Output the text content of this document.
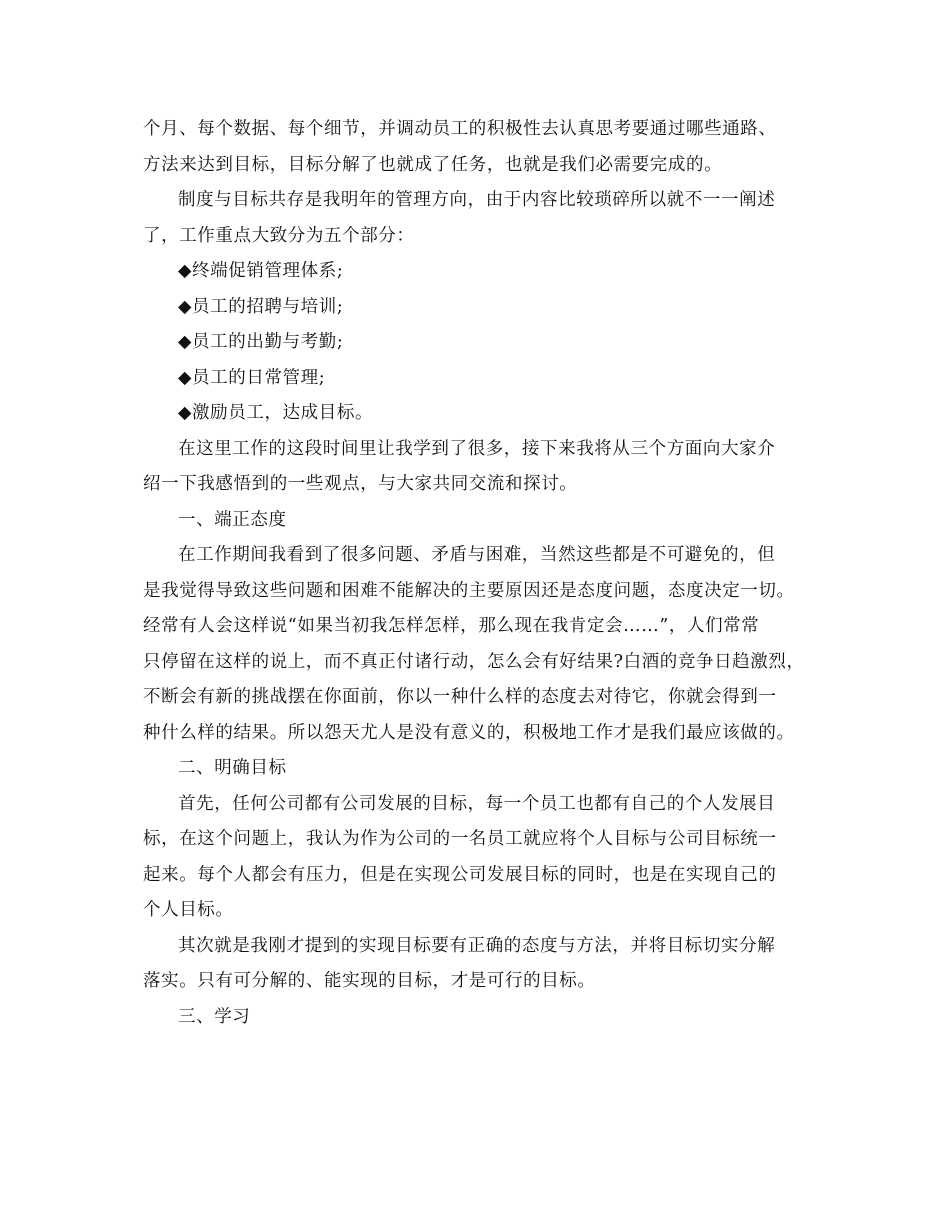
个月、每个数据、每个细节，并调动员工的积极性去认真思考要通过哪些通路、
方法来达到目标，目标分解了也就成了任务，也就是我们必需要完成的。
制度与目标共存是我明年的管理方向，由于内容比较琐碎所以就不一一阐述
了，工作重点大致分为五个部分：
◆终端促销管理体系;
◆员工的招聘与培训;
◆员工的出勤与考勤;
◆员工的日常管理;
◆激励员工，达成目标。
在这里工作的这段时间里让我学到了很多，接下来我将从三个方面向大家介
绍一下我感悟到的一些观点，与大家共同交流和探讨。
一、端正态度
在工作期间我看到了很多问题、矛盾与困难，当然这些都是不可避免的，但
是我觉得导致这些问题和困难不能解决的主要原因还是态度问题，态度决定一切。
经常有人会这样说“如果当初我怎样怎样，那么现在我肯定会……”，人们常常
只停留在这样的说上，而不真正付诸行动，怎么会有好结果?白酒的竞争日趋激烈，
不断会有新的挑战摆在你面前，你以一种什么样的态度去对待它，你就会得到一
种什么样的结果。所以怨天尤人是没有意义的，积极地工作才是我们最应该做的。
二、明确目标
首先，任何公司都有公司发展的目标，每一个员工也都有自己的个人发展目
标，在这个问题上，我认为作为公司的一名员工就应将个人目标与公司目标统一
起来。每个人都会有压力，但是在实现公司发展目标的同时，也是在实现自己的
个人目标。
其次就是我刚才提到的实现目标要有正确的态度与方法，并将目标切实分解
落实。只有可分解的、能实现的目标，才是可行的目标。
三、学习
